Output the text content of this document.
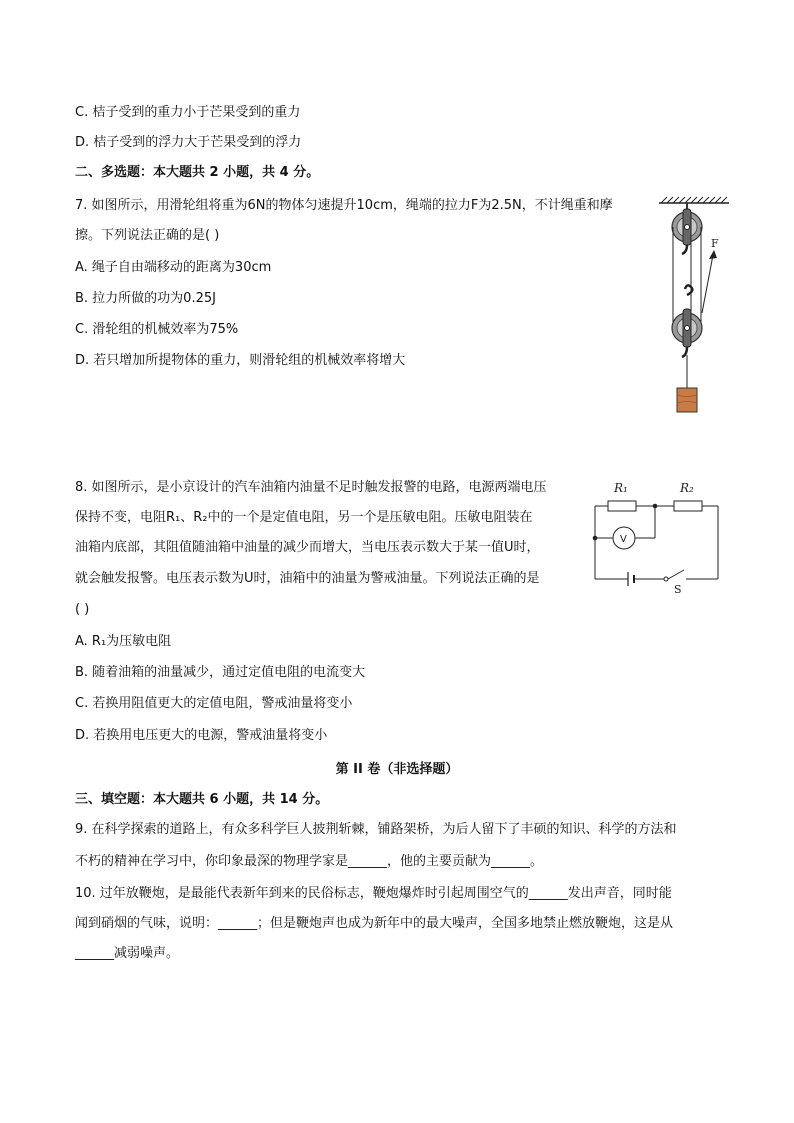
C. 桔子受到的重力小于芒果受到的重力
D. 桔子受到的浮力大于芒果受到的浮力
二、多选题：本大题共 2 小题，共 4 分。
7. 如图所示，用滑轮组将重为6N的物体匀速提升10cm，绳端的拉力F为2.5N，不计绳重和摩
擦。下列说法正确的是( )
A. 绳子自由端移动的距离为30cm
B. 拉力所做的功为0.25J
C. 滑轮组的机械效率为75%
D. 若只增加所提物体的重力，则滑轮组的机械效率将增大
F
8. 如图所示，是小京设计的汽车油箱内油量不足时触发报警的电路，电源两端电压
保持不变，电阻R₁、R₂中的一个是定值电阻，另一个是压敏电阻。压敏电阻装在
油箱内底部，其阻值随油箱中油量的减少而增大，当电压表示数大于某一值U时，
就会触发报警。电压表示数为U时，油箱中的油量为警戒油量。下列说法正确的是
( )
A. R₁为压敏电阻
B. 随着油箱的油量减少，通过定值电阻的电流变大
C. 若换用阻值更大的定值电阻，警戒油量将变小
D. 若换用电压更大的电源，警戒油量将变小
R₁	R₂
V
S
第 II 卷（非选择题）
三、填空题：本大题共 6 小题，共 14 分。
9. 在科学探索的道路上，有众多科学巨人披荆斩棘，铺路架桥，为后人留下了丰硕的知识、科学的方法和
不朽的精神在学习中，你印象最深的物理学家是______，他的主要贡献为______。
10. 过年放鞭炮，是最能代表新年到来的民俗标志，鞭炮爆炸时引起周围空气的______发出声音，同时能
闻到硝烟的气味，说明：______；但是鞭炮声也成为新年中的最大噪声，全国多地禁止燃放鞭炮，这是从
______减弱噪声。
